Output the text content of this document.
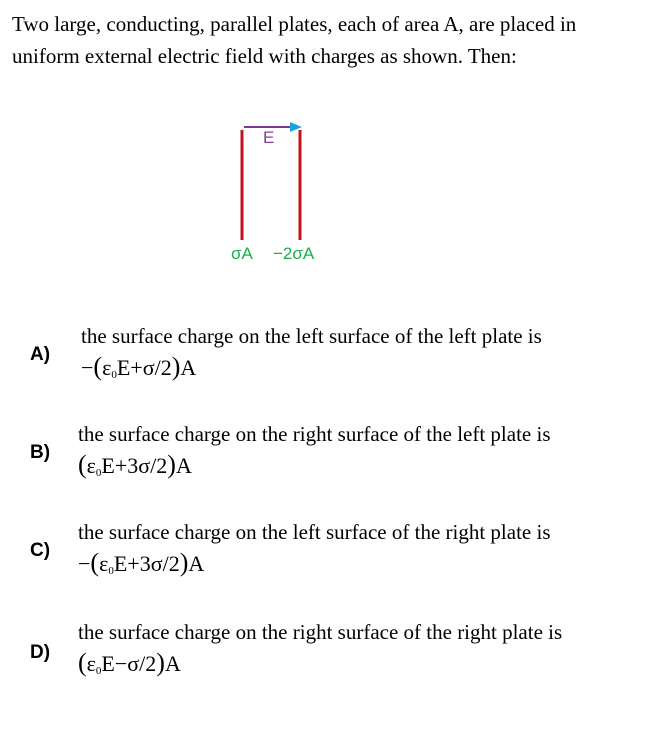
Two large, conducting, parallel plates, each of area A, are placed in uniform external electric field with charges as shown. Then:

E
σA −2σA
A)
the surface charge on the left surface of the left plate is
$-(\varepsilon_0E+\sigma/2)A$
B)
the surface charge on the right surface of the left plate is
$(\varepsilon_0E+3\sigma/2)A$
C)
the surface charge on the left surface of the right plate is
$-(\varepsilon_0E+3\sigma/2)A$
D)
the surface charge on the right surface of the right plate is
$(\varepsilon_0E-\sigma/2)A$
